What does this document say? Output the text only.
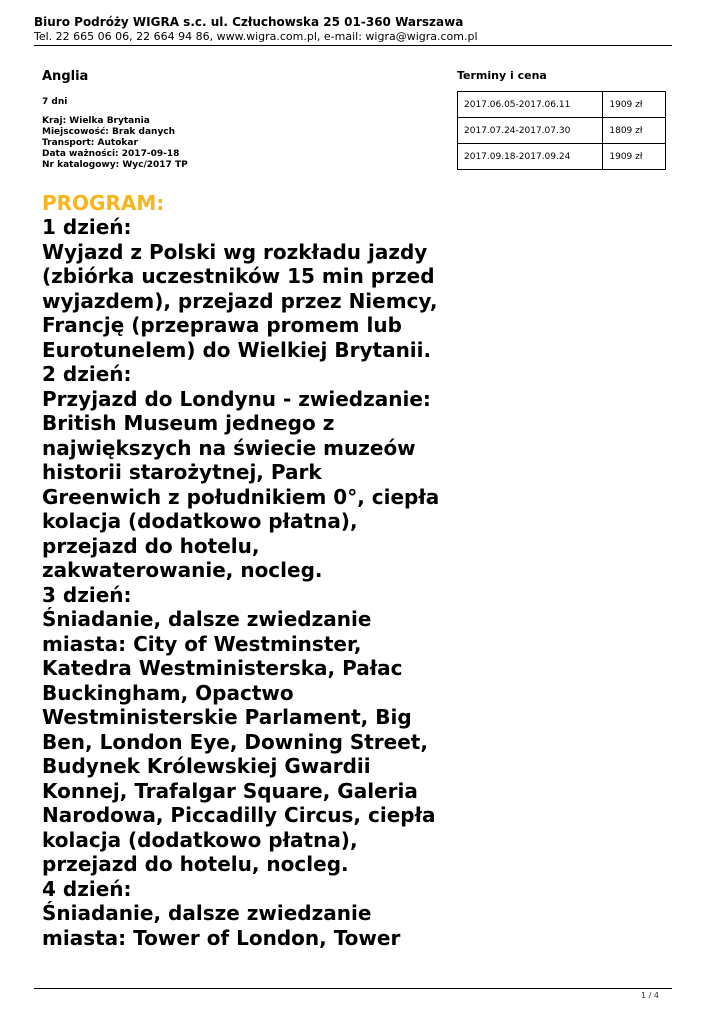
Biuro Podróży WIGRA s.c. ul. Człuchowska 25 01-360 Warszawa
Tel. 22 665 06 06, 22 664 94 86, www.wigra.com.pl, e-mail: wigra@wigra.com.pl
Anglia
7 dni
Kraj: Wielka Brytania
Miejscowość: Brak danych
Transport: Autokar
Data ważności: 2017-09-18
Nr katalogowy: Wyc/2017 TP
PROGRAM:

1 dzień:

Wyjazd z Polski wg rozkładu jazdy (zbiórka uczestników 15 min przed wyjazdem), przejazd przez Niemcy, Francję (przeprawa promem lub Eurotunelem) do Wielkiej Brytanii.

2 dzień:

Przyjazd do Londynu - zwiedzanie: British Museum jednego z największych na świecie muzeów historii starożytnej, Park Greenwich z południkiem 0°, ciepła kolacja (dodatkowo płatna), przejazd do hotelu, zakwaterowanie, nocleg.

3 dzień:

Śniadanie, dalsze zwiedzanie miasta: City of Westminster, Katedra Westministerska, Pałac Buckingham, Opactwo Westministerskie Parlament, Big Ben, London Eye, Downing Street, Budynek Królewskiej Gwardii Konnej, Trafalgar Square, Galeria Narodowa, Piccadilly Circus, ciepła kolacja (dodatkowo płatna), przejazd do hotelu, nocleg.

4 dzień:

Śniadanie, dalsze zwiedzanie miasta: Tower of London, Tower

Terminy i cena
2017.06.05-2017.06.11	1909 zł
2017.07.24-2017.07.30	1809 zł
2017.09.18-2017.09.24	1909 zł
1 / 4
